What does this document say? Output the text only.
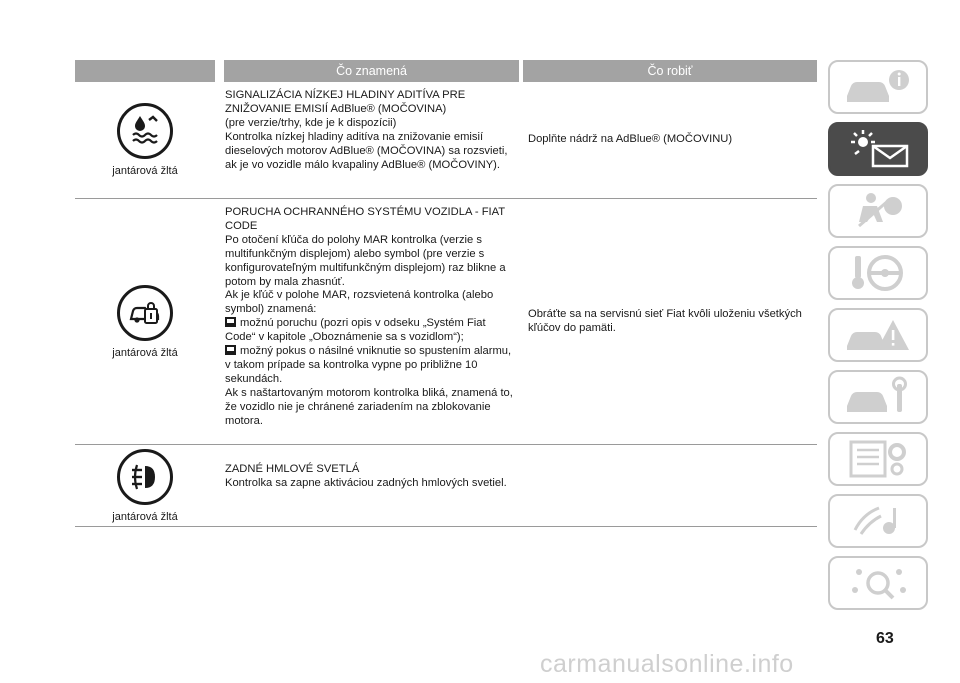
Čo znamená	Čo robiť
jantárová žltá
SIGNALIZÁCIA NÍZKEJ HLADINY ADITÍVA PRE ZNIŽOVANIE EMISIÍ AdBlue® (MOČOVINA)
(pre verzie/trhy, kde je k dispozícii)
Kontrolka nízkej hladiny aditíva na znižovanie emisií dieselových motorov AdBlue® (MOČOVINA) sa rozsvieti, ak je vo vozidle málo kvapaliny AdBlue® (MOČOVINY).
Doplňte nádrž na AdBlue® (MOČOVINU)
jantárová žltá
PORUCHA OCHRANNÉHO SYSTÉMU VOZIDLA - FIAT CODE
Po otočení kľúča do polohy MAR kontrolka (verzie s multifunkčným displejom) alebo symbol (pre verzie s konfigurovateľným multifunkčným displejom) raz blikne a potom by mala zhasnúť.
Ak je kľúč v polohe MAR, rozsvietená kontrolka (alebo symbol) znamená:
možnú poruchu (pozri opis v odseku „Systém Fiat Code“ v kapitole „Oboznámenie sa s vozidlom“);
možný pokus o násilné vniknutie so spustením alarmu, v takom prípade sa kontrolka vypne po približne 10 sekundách.
Ak s naštartovaným motorom kontrolka bliká, znamená to, že vozidlo nie je chránené zariadením na zblokovanie motora.
Obráťte sa na servisnú sieť Fiat kvôli uloženiu všetkých kľúčov do pamäti.
jantárová žltá
ZADNÉ HMLOVÉ SVETLÁ
Kontrolka sa zapne aktiváciou zadných hmlových svetiel.
63
carmanualsonline.info
